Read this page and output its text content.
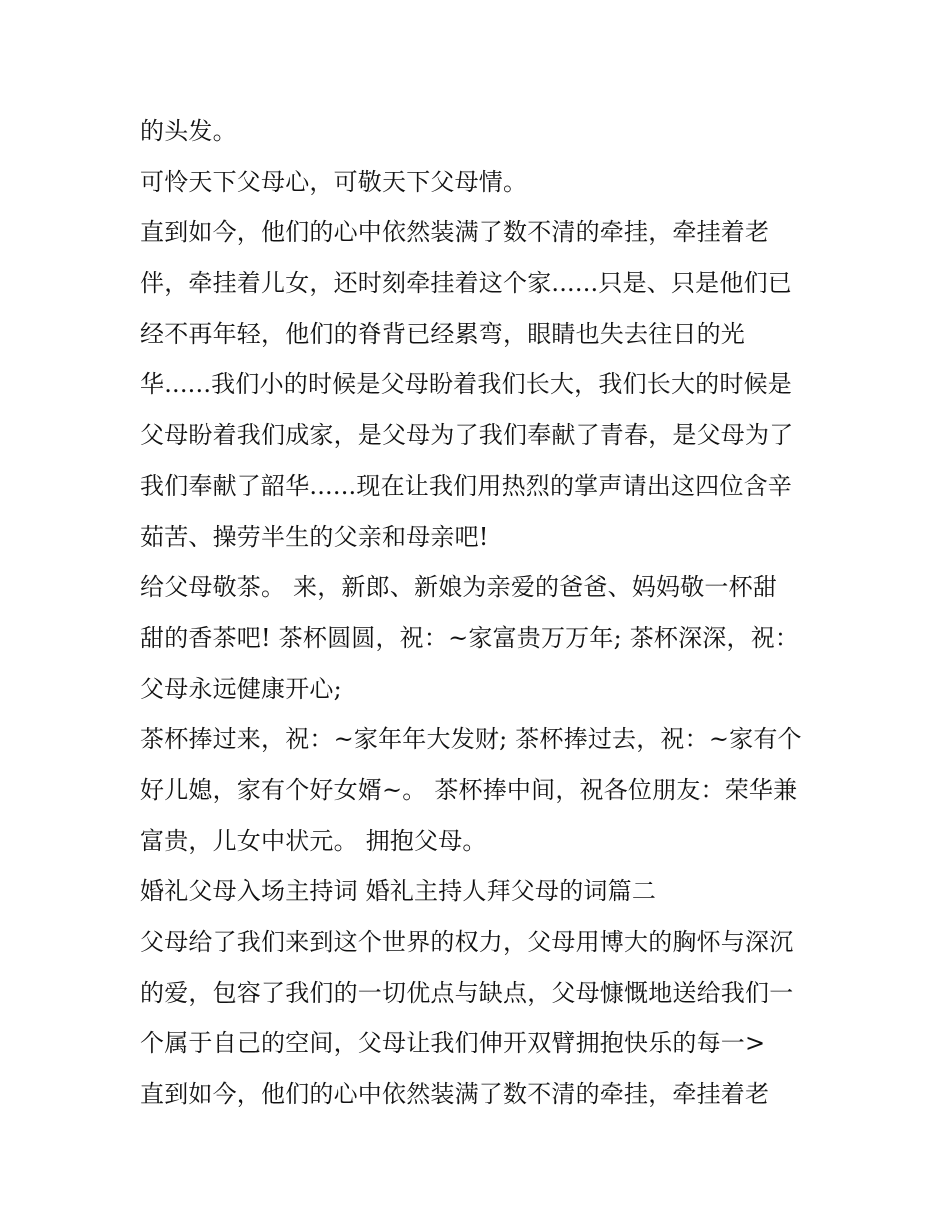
的头发。
可怜天下父母心，可敬天下父母情。
直到如今，他们的心中依然装满了数不清的牵挂，牵挂着老
伴，牵挂着儿女，还时刻牵挂着这个家......只是、只是他们已
经不再年轻，他们的脊背已经累弯，眼睛也失去往日的光
华......我们小的时候是父母盼着我们长大，我们长大的时候是
父母盼着我们成家，是父母为了我们奉献了青春，是父母为了
我们奉献了韶华......现在让我们用热烈的掌声请出这四位含辛
茹苦、操劳半生的父亲和母亲吧!
给父母敬茶。 来，新郎、新娘为亲爱的爸爸、妈妈敬一杯甜
甜的香茶吧! 茶杯圆圆，祝：~家富贵万万年; 茶杯深深，祝：
父母永远健康开心;
茶杯捧过来，祝：~家年年大发财; 茶杯捧过去，祝：~家有个
好儿媳，家有个好女婿~。 茶杯捧中间，祝各位朋友：荣华兼
富贵，儿女中状元。 拥抱父母。
婚礼父母入场主持词 婚礼主持人拜父母的词篇二
父母给了我们来到这个世界的权力，父母用博大的胸怀与深沉
的爱，包容了我们的一切优点与缺点，父母慷慨地送给我们一
个属于自己的空间，父母让我们伸开双臂拥抱快乐的每一>
直到如今，他们的心中依然装满了数不清的牵挂，牵挂着老
